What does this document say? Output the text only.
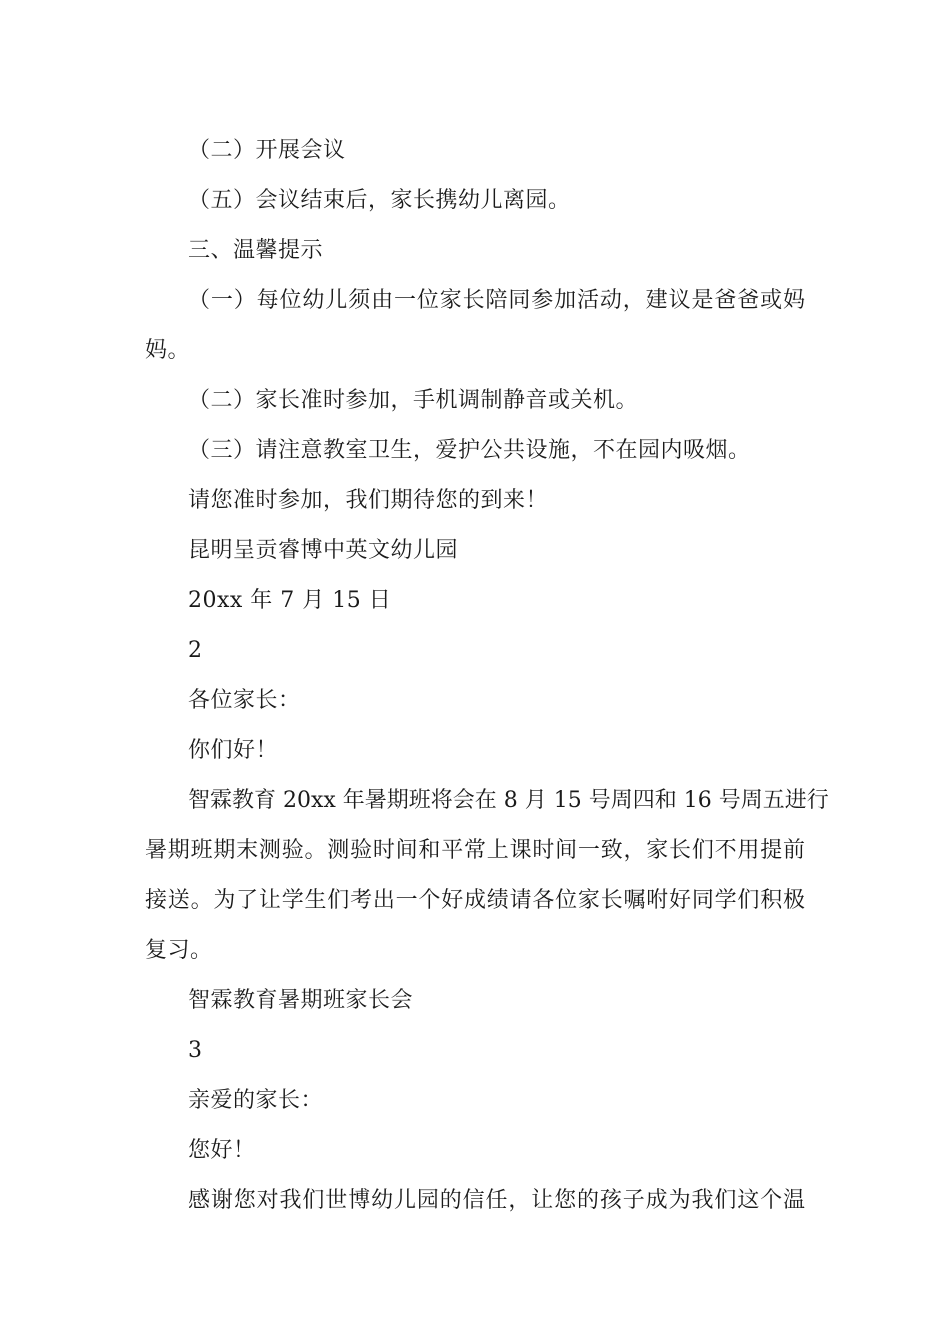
（二）开展会议
（五）会议结束后，家长携幼儿离园。
三、温馨提示
（一）每位幼儿须由一位家长陪同参加活动，建议是爸爸或妈
妈。
（二）家长准时参加，手机调制静音或关机。
（三）请注意教室卫生，爱护公共设施，不在园内吸烟。
请您准时参加，我们期待您的到来！
昆明呈贡睿博中英文幼儿园
20xx 年 7 月 15 日
2
各位家长：
你们好！
智霖教育 20xx 年暑期班将会在 8 月 15 号周四和 16 号周五进行
暑期班期末测验。测验时间和平常上课时间一致，家长们不用提前
接送。为了让学生们考出一个好成绩请各位家长嘱咐好同学们积极
复习。
智霖教育暑期班家长会
3
亲爱的家长：
您好！
感谢您对我们世博幼儿园的信任，让您的孩子成为我们这个温
